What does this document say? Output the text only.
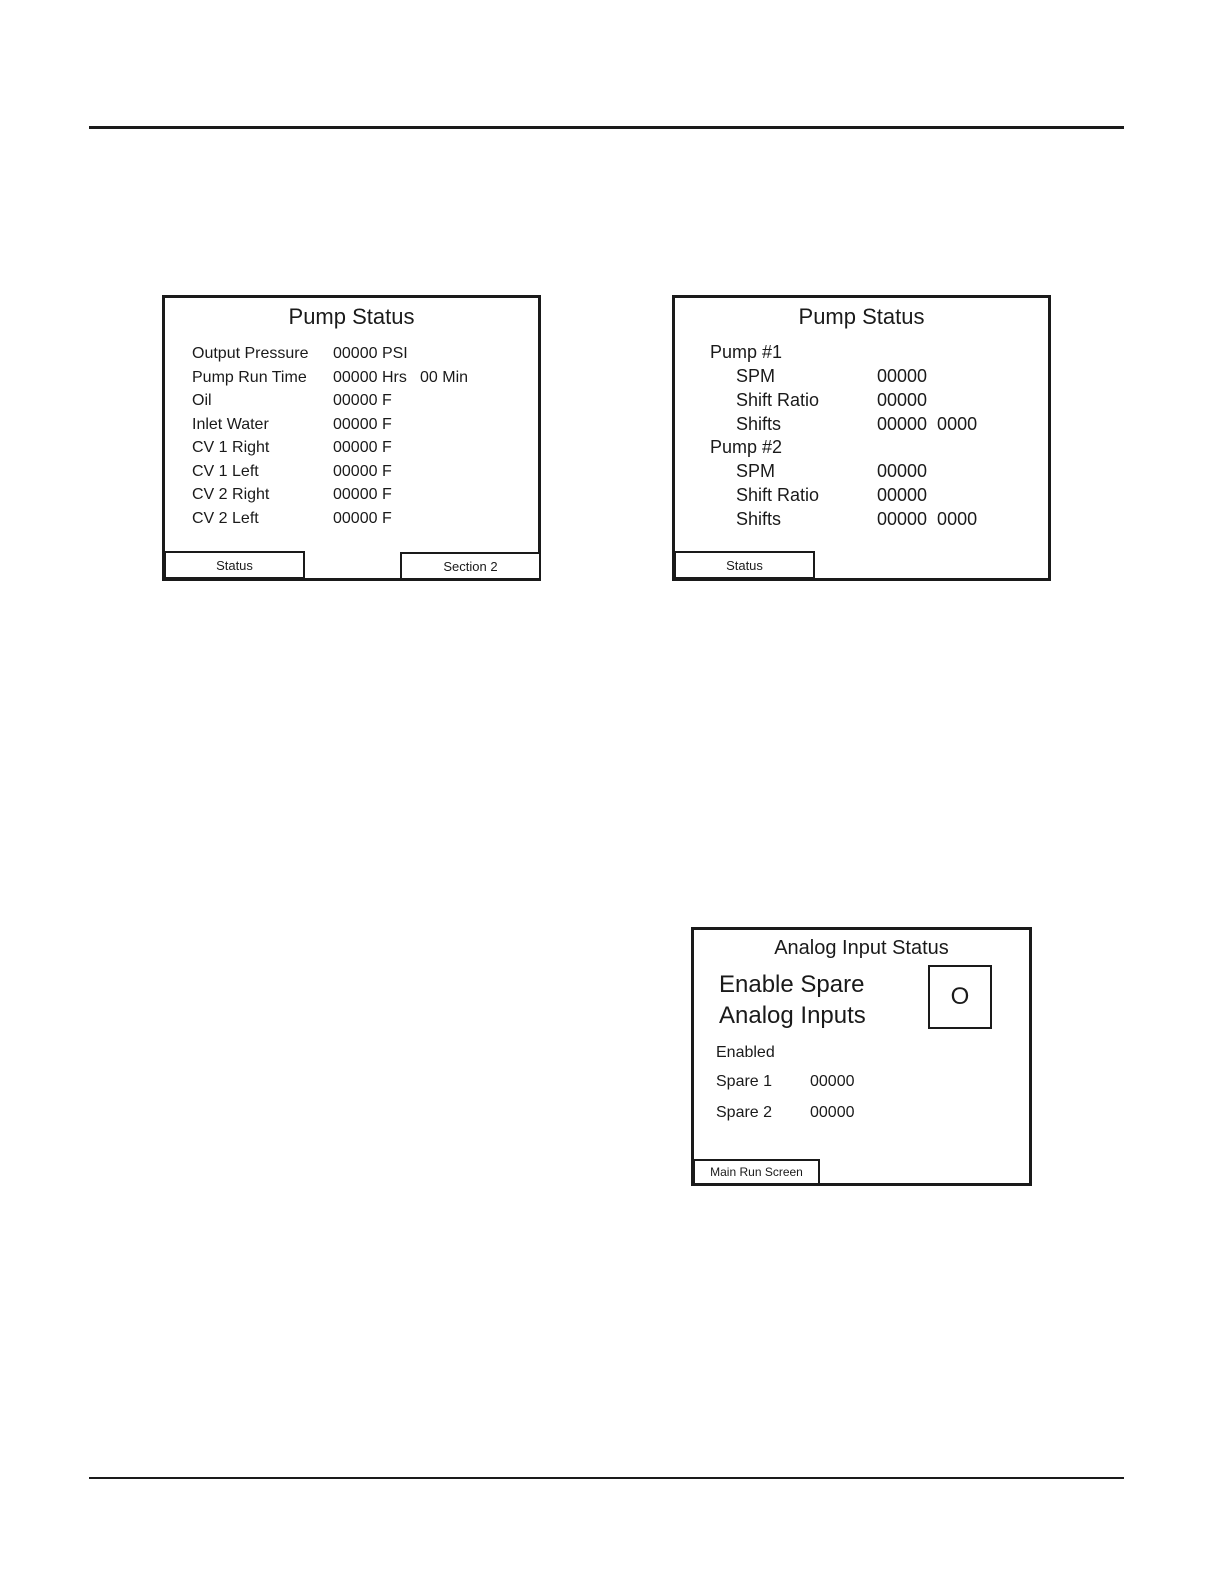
Pump Status
Output Pressure 00000 PSI
Pump Run Time 00000 Hrs 00 Min
Oil	00000 F
Inlet Water	00000 F
CV 1 Right	00000 F
CV 1 Left	00000 F
CV 2 Right	00000 F
CV 2 Left	00000 F
Status	Section 2
Pump Status
Pump #1
SPM	00000
Shift Ratio	00000
Shifts	00000  0000
Pump #2
SPM	00000
Shift Ratio	00000
Shifts	00000  0000
Status
Analog Input Status
Enable Spare
Analog Inputs
O
Enabled
Spare 1 00000
Spare 2 00000
Main Run Screen
